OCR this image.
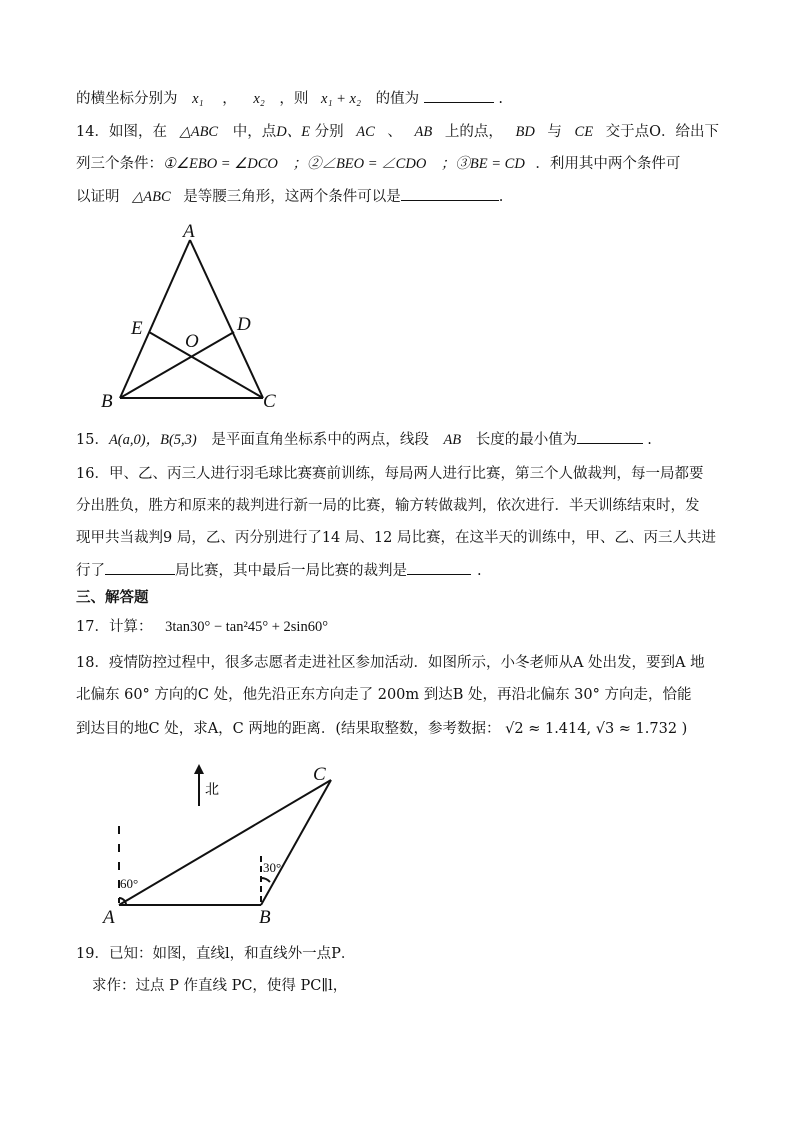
的横坐标分别为 x₁ ， x₂ ，则 x₁ + x₂ 的值为	.
14．如图，在 △ABC 中，点D、E 分别 AC 、 AB 上的点， BD 与 CE 交于点O．给出下
列三个条件：①∠EBO = ∠DCO ；②∠BEO = ∠CDO ；③BE = CD ．利用其中两个条件可
以证明 △ABC 是等腰三角形，这两个条件可以是	.
A
B	C
D
E
O
15．A(a,0)，B(5,3) 是平面直角坐标系中的两点，线段 AB 长度的最小值为	.
16．甲、乙、丙三人进行羽毛球比赛赛前训练，每局两人进行比赛，第三个人做裁判，每一局都要
分出胜负，胜方和原来的裁判进行新一局的比赛，输方转做裁判，依次进行．半天训练结束时，发
现甲共当裁判9 局，乙、丙分别进行了14 局、12 局比赛，在这半天的训练中，甲、乙、丙三人共进
行了	局比赛，其中最后一局比赛的裁判是	.
三、解答题
17．计算： 3tan30° − tan²45° + 2sin60°
18．疫情防控过程中，很多志愿者走进社区参加活动．如图所示，小冬老师从A 处出发，要到A 地
北偏东 60° 方向的C 处，他先沿正东方向走了 200m 到达B 处，再沿北偏东 30° 方向走，恰能
到达目的地C 处，求A，C 两地的距离．(结果取整数，参考数据： √2 ≈ 1.414, √3 ≈ 1.732 )
北
60°
30°
A	B
C
19．已知：如图，直线l，和直线外一点P．
求作：过点 P 作直线 PC，使得 PC∥l，
